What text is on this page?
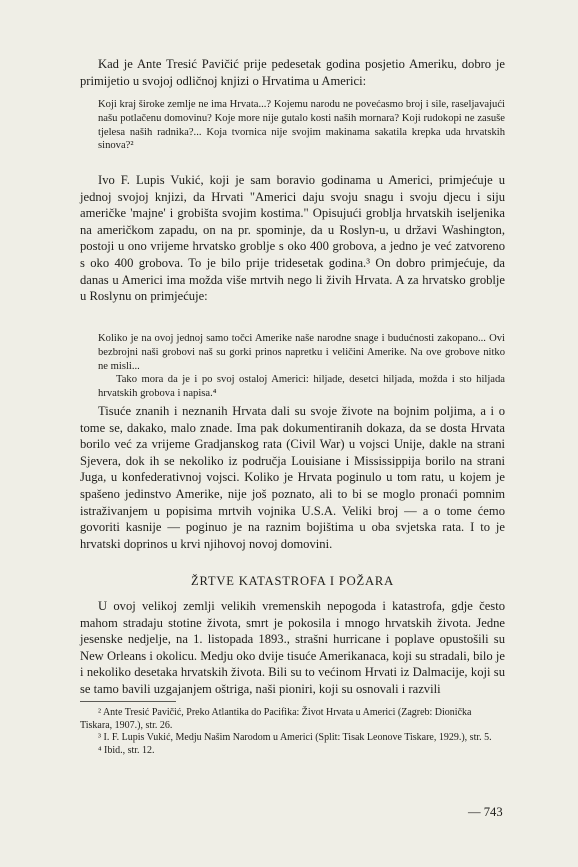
Kad je Ante Tresić Pavičić prije pedesetak godina posjetio Ameriku, dobro je primijetio u svojoj odličnoj knjizi o Hrvatima u Americi:

Koji kraj široke zemlje ne ima Hrvata...? Kojemu narodu ne povećasmo broj i sile, raseljavajući našu potlačenu domovinu? Koje more nije gutalo kosti naših mornara? Koji rudokopi ne zasuše tjelesa naših radnika?... Koja tvornica nije svojim makinama sakatila krepka uda hrvatskih sinova?²

Ivo F. Lupis Vukić, koji je sam boravio godinama u Americi, primjećuje u jednoj svojoj knjizi, da Hrvati "Americi daju svoju snagu i svoju djecu i siju američke 'majne' i grobišta svojim kostima." Opisujući groblja hrvatskih iseljenika na američkom zapadu, on na pr. spominje, da u Roslyn-u, u državi Washington, postoji u ono vrijeme hrvatsko groblje s oko 400 grobova, a jedno je već zatvoreno s oko 400 grobova. To je bilo prije tridesetak godina.³ On dobro primjećuje, da danas u Americi ima možda više mrtvih nego li živih Hrvata. A za hrvatsko groblje u Roslynu on primjećuje:

Koliko je na ovoj jednoj samo točci Amerike naše narodne snage i budućnosti zakopano... Ovi bezbrojni naši grobovi naš su gorki prinos napretku i veličini Amerike. Na ove grobove nitko ne misli...

Tako mora da je i po svoj ostaloj Americi: hiljade, desetci hiljada, možda i sto hiljada hrvatskih grobova i napisa.⁴

Tisuće znanih i neznanih Hrvata dali su svoje živote na bojnim poljima, a i o tome se, dakako, malo znade. Ima pak dokumentiranih dokaza, da se dosta Hrvata borilo već za vrijeme Gradjanskog rata (Civil War) u vojsci Unije, dakle na strani Sjevera, dok ih se nekoliko iz područja Louisiane i Mississippija borilo na strani Juga, u konfederativnoj vojsci. Koliko je Hrvata poginulo u tom ratu, u kojem je spašeno jedinstvo Amerike, nije još poznato, ali to bi se moglo pronaći pomnim istraživanjem u popisima mrtvih vojnika U.S.A. Veliki broj — a o tome ćemo govoriti kasnije — poginuo je na raznim bojištima u oba svjetska rata. I to je hrvatski doprinos u krvi njihovoj novoj domovini.

ŽRTVE KATASTROFA I POŽARA

U ovoj velikoj zemlji velikih vremenskih nepogoda i katastrofa, gdje često mahom stradaju stotine života, smrt je pokosila i mnogo hrvatskih života. Jedne jesenske nedjelje, na 1. listopada 1893., strašni hurricane i poplave opustošili su New Orleans i okolicu. Medju oko dvije tisuće Amerikanaca, koji su stradali, bilo je i nekoliko desetaka hrvatskih života. Bili su to većinom Hrvati iz Dalmacije, koji su se tamo bavili uzgajanjem oštriga, naši pioniri, koji su osnovali i razvili

² Ante Tresić Pavičić, Preko Atlantika do Pacifika: Život Hrvata u Americi (Zagreb: Dionička Tiskara, 1907.), str. 26.

³ I. F. Lupis Vukić, Medju Našim Narodom u Americi (Split: Tisak Leonove Tiskare, 1929.), str. 5.

⁴ Ibid., str. 12.

— 743
